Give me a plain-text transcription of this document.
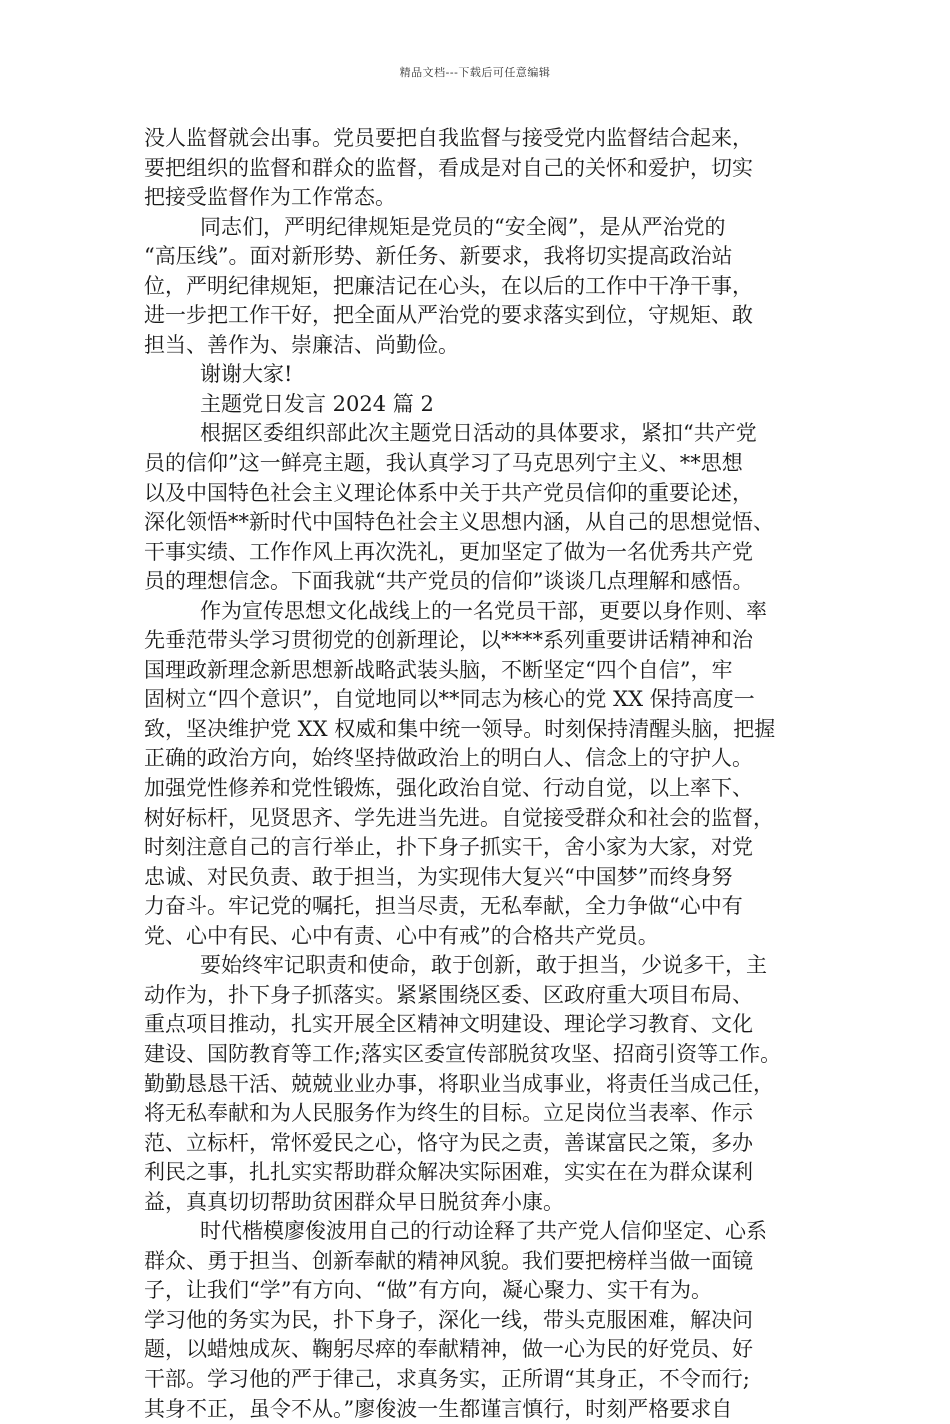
精品文档---下载后可任意编辑
没人监督就会出事。党员要把自我监督与接受党内监督结合起来，
要把组织的监督和群众的监督，看成是对自己的关怀和爱护，切实
把接受监督作为工作常态。
同志们，严明纪律规矩是党员的“安全阀”，是从严治党的
“高压线”。面对新形势、新任务、新要求，我将切实提高政治站
位，严明纪律规矩，把廉洁记在心头，在以后的工作中干净干事，
进一步把工作干好，把全面从严治党的要求落实到位，守规矩、敢
担当、善作为、崇廉洁、尚勤俭。
谢谢大家!
主题党日发言 2024 篇 2
根据区委组织部此次主题党日活动的具体要求，紧扣“共产党
员的信仰”这一鲜亮主题，我认真学习了马克思列宁主义、**思想
以及中国特色社会主义理论体系中关于共产党员信仰的重要论述，
深化领悟**新时代中国特色社会主义思想内涵，从自己的思想觉悟、
干事实绩、工作作风上再次洗礼，更加坚定了做为一名优秀共产党
员的理想信念。下面我就“共产党员的信仰”谈谈几点理解和感悟。
作为宣传思想文化战线上的一名党员干部，更要以身作则、率
先垂范带头学习贯彻党的创新理论，以****系列重要讲话精神和治
国理政新理念新思想新战略武装头脑，不断坚定“四个自信”，牢
固树立“四个意识”，自觉地同以**同志为核心的党 XX 保持高度一
致，坚决维护党 XX 权威和集中统一领导。时刻保持清醒头脑，把握
正确的政治方向，始终坚持做政治上的明白人、信念上的守护人。
加强党性修养和党性锻炼，强化政治自觉、行动自觉，以上率下、
树好标杆，见贤思齐、学先进当先进。自觉接受群众和社会的监督，
时刻注意自己的言行举止，扑下身子抓实干，舍小家为大家，对党
忠诚、对民负责、敢于担当，为实现伟大复兴“中国梦”而终身努
力奋斗。牢记党的嘱托，担当尽责，无私奉献，全力争做“心中有
党、心中有民、心中有责、心中有戒”的合格共产党员。
要始终牢记职责和使命，敢于创新，敢于担当，少说多干，主
动作为，扑下身子抓落实。紧紧围绕区委、区政府重大项目布局、
重点项目推动，扎实开展全区精神文明建设、理论学习教育、文化
建设、国防教育等工作;落实区委宣传部脱贫攻坚、招商引资等工作。
勤勤恳恳干活、兢兢业业办事，将职业当成事业，将责任当成己任，
将无私奉献和为人民服务作为终生的目标。立足岗位当表率、作示
范、立标杆，常怀爱民之心，恪守为民之责，善谋富民之策，多办
利民之事，扎扎实实帮助群众解决实际困难，实实在在为群众谋利
益，真真切切帮助贫困群众早日脱贫奔小康。
时代楷模廖俊波用自己的行动诠释了共产党人信仰坚定、心系
群众、勇于担当、创新奉献的精神风貌。我们要把榜样当做一面镜
子，让我们“学”有方向、“做”有方向，凝心聚力、实干有为。
学习他的务实为民，扑下身子，深化一线，带头克服困难，解决问
题，以蜡烛成灰、鞠躬尽瘁的奉献精神，做一心为民的好党员、好
干部。学习他的严于律己，求真务实，正所谓“其身正，不令而行;
其身不正，虽令不从。”廖俊波一生都谨言慎行，时刻严格要求自
